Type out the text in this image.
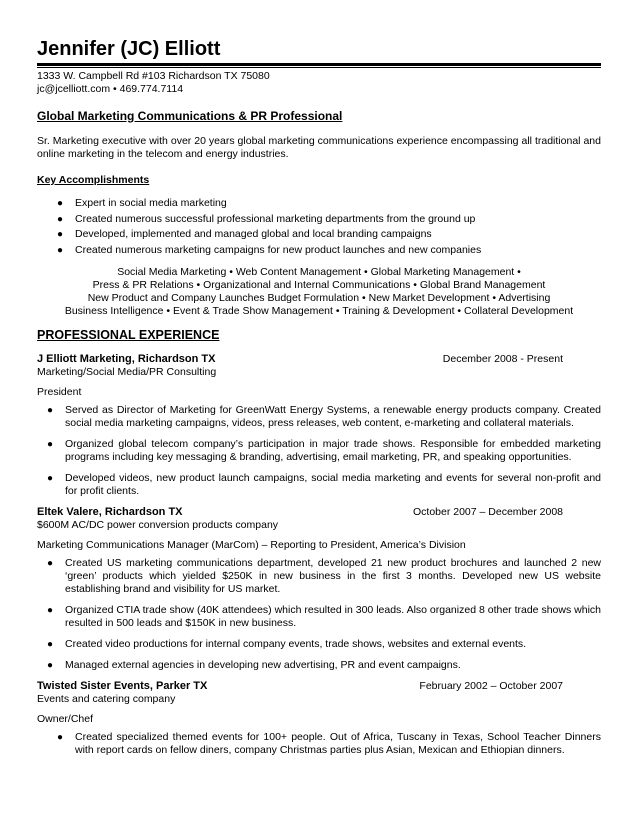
Jennifer (JC) Elliott
1333 W. Campbell Rd #103 Richardson TX 75080
jc@jcelliott.com • 469.774.7114
Global Marketing Communications & PR Professional
Sr. Marketing executive with over 20 years global marketing communications experience encompassing all traditional and online marketing in the telecom and energy industries.
Key Accomplishments
● Expert in social media marketing
● Created numerous successful professional marketing departments from the ground up
● Developed, implemented and managed global and local branding campaigns
● Created numerous marketing campaigns for new product launches and new companies
Social Media Marketing • Web Content Management • Global Marketing Management •
Press & PR Relations • Organizational and Internal Communications • Global Brand Management
New Product and Company Launches Budget Formulation • New Market Development • Advertising
Business Intelligence • Event & Trade Show Management • Training & Development • Collateral Development
PROFESSIONAL EXPERIENCE
J Elliott Marketing, Richardson TX	December 2008 - Present
Marketing/Social Media/PR Consulting
President
● Served as Director of Marketing for GreenWatt Energy Systems, a renewable energy products company. Created social media marketing campaigns, videos, press releases, web content, e-marketing and collateral materials.
● Organized global telecom company’s participation in major trade shows. Responsible for embedded marketing programs including key messaging & branding, advertising, email marketing, PR, and speaking opportunities.
● Developed videos, new product launch campaigns, social media marketing and events for several non-profit and for profit clients.
Eltek Valere, Richardson TX	October 2007 – December 2008
$600M AC/DC power conversion products company
Marketing Communications Manager (MarCom) – Reporting to President, America’s Division
● Created US marketing communications department, developed 21 new product brochures and launched 2 new ‘green’ products which yielded $250K in new business in the first 3 months. Developed new US website establishing brand and visibility for US market.
● Organized CTIA trade show (40K attendees) which resulted in 300 leads. Also organized 8 other trade shows which resulted in 500 leads and $150K in new business.
● Created video productions for internal company events, trade shows, websites and external events.
● Managed external agencies in developing new advertising, PR and event campaigns.
Twisted Sister Events, Parker TX	February 2002 – October 2007
Events and catering company
Owner/Chef
● Created specialized themed events for 100+ people. Out of Africa, Tuscany in Texas, School Teacher Dinners with report cards on fellow diners, company Christmas parties plus Asian, Mexican and Ethiopian dinners.
